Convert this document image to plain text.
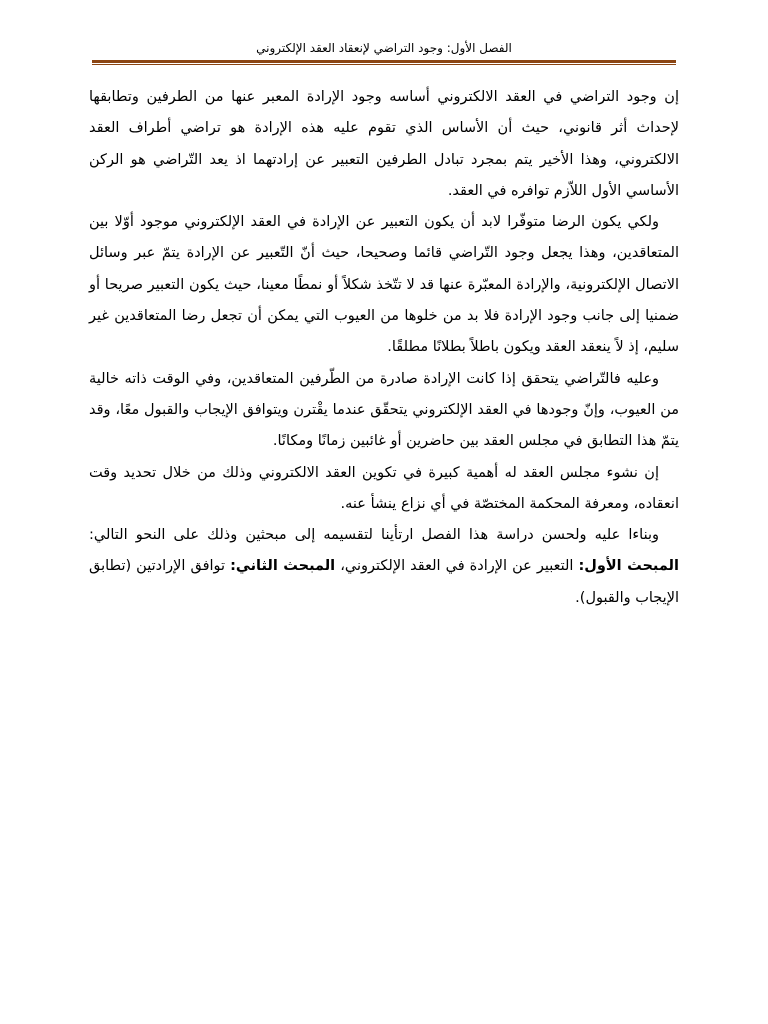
الفصل الأول: وجود التراضي لإنعقاد العقد الإلكتروني

إن وجود التراضي في العقد الالكتروني أساسه وجود الإرادة المعبر عنها من الطرفين وتطابقها لإحداث أثر قانوني، حيث أن الأساس الذي تقوم عليه هذه الإرادة هو تراضي أطراف العقد الالكتروني، وهذا الأخير يتم بمجرد تبادل الطرفين التعبير عن إرادتهما اذ يعد التّراضي هو الركن الأساسي الأول اللاّزم توافره في العقد.

ولكي يكون الرضا متوفّرا لابد أن يكون التعبير عن الإرادة في العقد الإلكتروني موجود أوّلا بين المتعاقدين، وهذا يجعل وجود التّراضي قائما وصحيحا، حيث أنّ التّعبير عن الإرادة يتمّ عبر وسائل الاتصال الإلكترونية، والإرادة المعبّرة عنها قد لا تتّخذ شكلاً أو نمطًا معينا، حيث يكون التعبير صريحا أو ضمنيا إلى جانب وجود الإرادة فلا بد من خلوها من العيوب التي يمكن أن تجعل رضا المتعاقدين غير سليم، إذ لاً ينعقد العقد ويكون باطلاً بطلانًا مطلقًا.

وعليه فالتّراضي يتحقق إذا كانت الإرادة صادرة من الطّرفين المتعاقدين، وفي الوقت ذاته خالية من العيوب، وإنّ وجودها في العقد الإلكتروني يتحقّق عندما يقْترن ويتوافق الإيجاب والقبول معًا، وقد يتمّ هذا التطابق في مجلس العقد بين حاضرين أو غائبين زمانًا ومكانًا.

إن نشوء مجلس العقد له أهمية كبيرة في تكوين العقد الالكتروني وذلك من خلال تحديد وقت انعقاده، ومعرفة المحكمة المختصّة في أي نزاع ينشأ عنه.

وبناءا عليه ولحسن دراسة هذا الفصل ارتأينا لتقسيمه إلى مبحثين وذلك على النحو التالي: المبحث الأول: التعبير عن الإرادة في العقد الإلكتروني، المبحث الثاني: توافق الإرادتين (تطابق الإيجاب والقبول).
